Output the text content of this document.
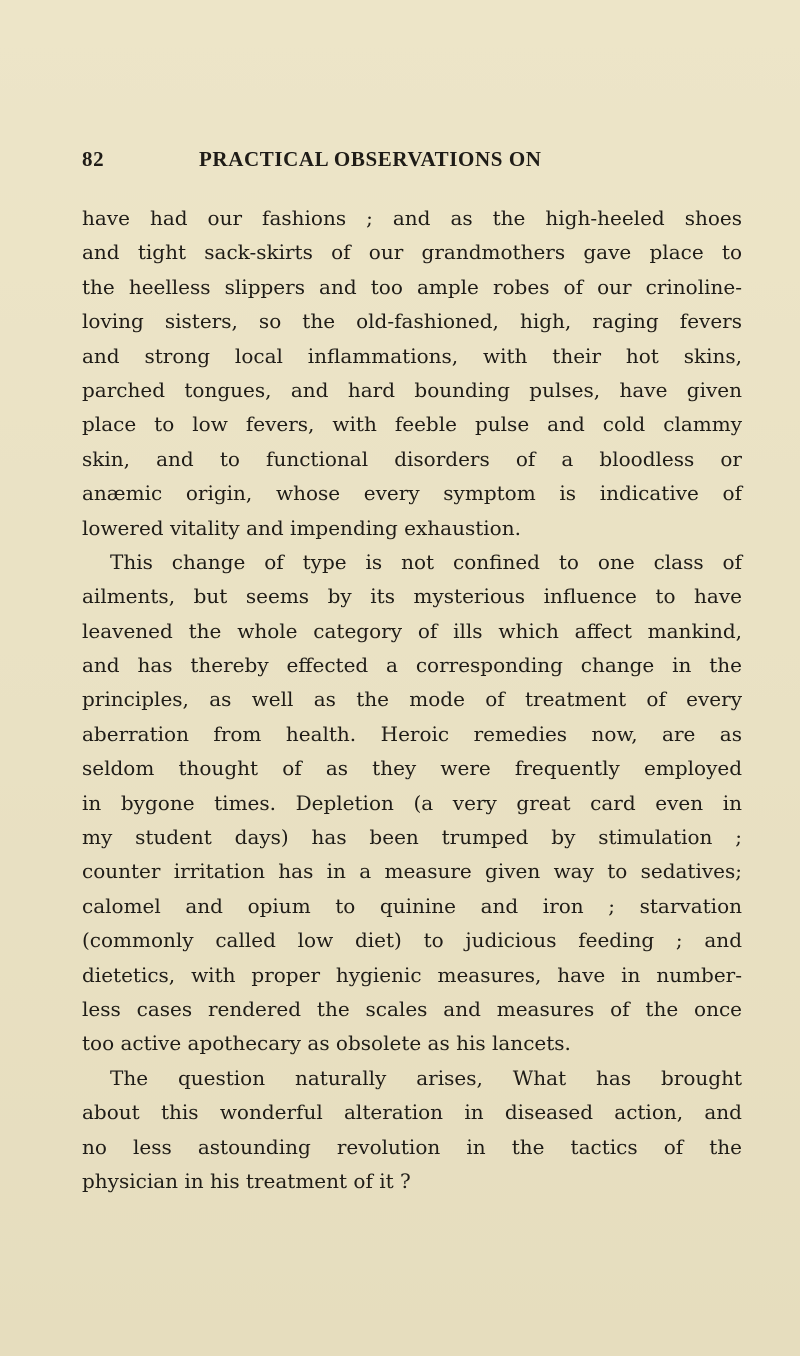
82	PRACTICAL OBSERVATIONS ON
have had our fashions ; and as the high-heeled shoes
and tight sack-skirts of our grandmothers gave place to
the heelless slippers and too ample robes of our crinoline-
loving sisters, so the old-fashioned, high, raging fevers
and strong local inflammations, with their hot skins,
parched tongues, and hard bounding pulses, have given
place to low fevers, with feeble pulse and cold clammy
skin, and to functional disorders of a bloodless or
anæmic origin, whose every symptom is indicative of
lowered vitality and impending exhaustion.
This change of type is not confined to one class of
ailments, but seems by its mysterious influence to have
leavened the whole category of ills which affect mankind,
and has thereby effected a corresponding change in the
principles, as well as the mode of treatment of every
aberration from health. Heroic remedies now, are as
seldom thought of as they were frequently employed
in bygone times. Depletion (a very great card even in
my student days) has been trumped by stimulation ;
counter irritation has in a measure given way to sedatives;
calomel and opium to quinine and iron ; starvation
(commonly called low diet) to judicious feeding ; and
dietetics, with proper hygienic measures, have in number-
less cases rendered the scales and measures of the once
too active apothecary as obsolete as his lancets.
The question naturally arises, What has brought
about this wonderful alteration in diseased action, and
no less astounding revolution in the tactics of the
physician in his treatment of it ?
